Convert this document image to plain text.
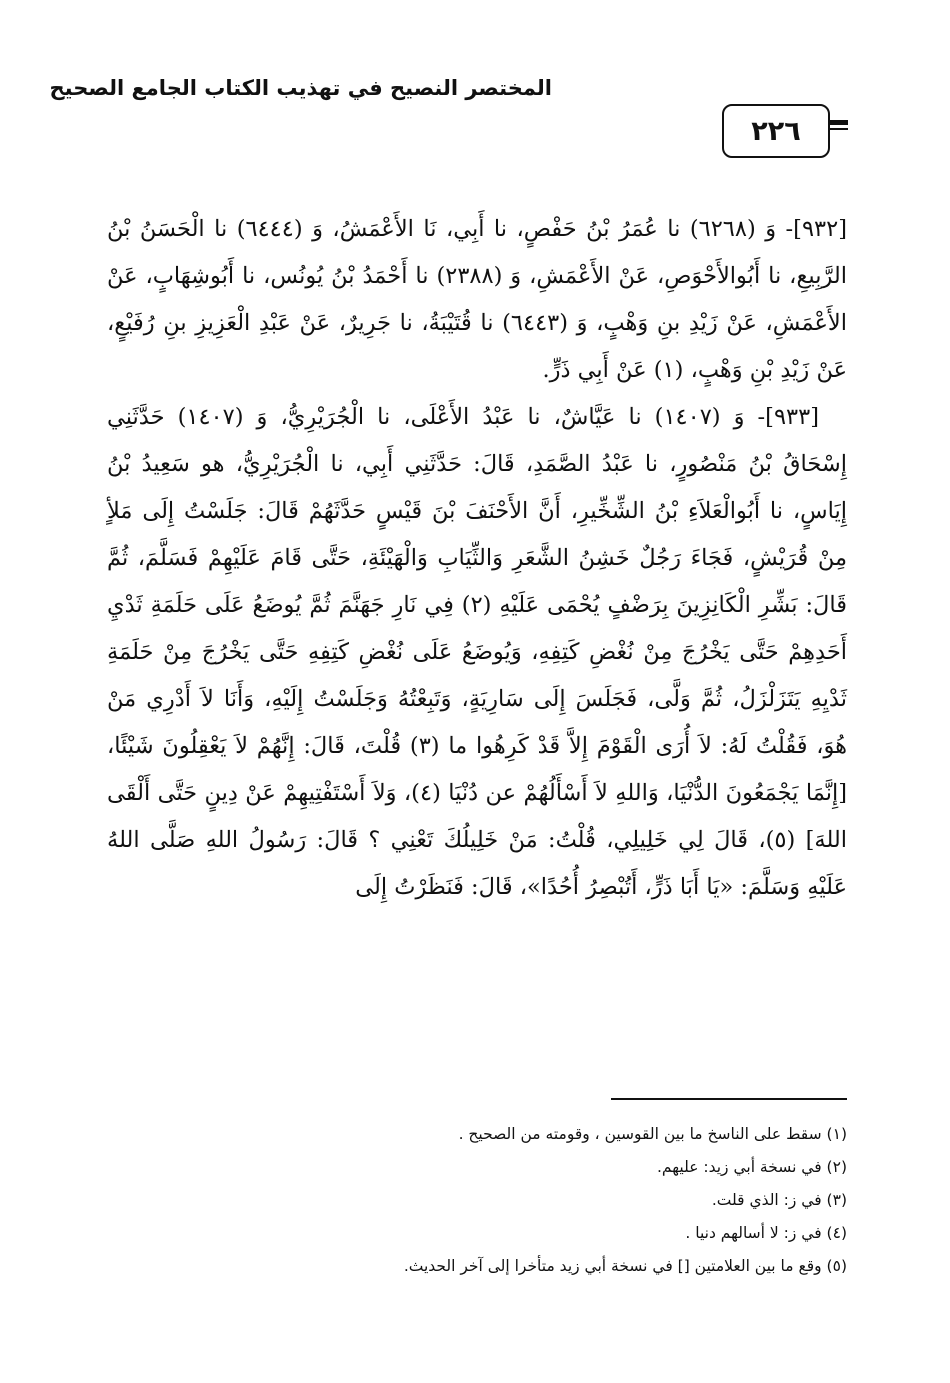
المختصر النصيح في تهذيب الكتاب الجامع الصحيح
٢٢٦

[٩٣٢]- وَ (٦٢٦٨) نا عُمَرُ بْنُ حَفْصٍ، نا أَبِي، نَا الأَعْمَشُ، وَ (٦٤٤٤) نا الْحَسَنُ بْنُ الرَّبِيعِ، نا أَبُوالأَحْوَصِ، عَنْ الأَعْمَشِ، وَ (٢٣٨٨) نا أَحْمَدُ بْنُ يُونُس، نا أَبُوشِهَابٍ، عَنْ الأَعْمَشِ، عَنْ زَيْدِ بنِ وَهْبٍ، وَ (٦٤٤٣) نا قُتَيْبَةُ، نا جَرِيرٌ، عَنْ عَبْدِ الْعَزِيزِ بنِ رُفَيْعٍ، عَنْ زَيْدِ بْنِ وَهْبٍ، (١) عَنْ أَبِي ذَرٍّ.

[٩٣٣]- وَ (١٤٠٧) نا عَيَّاشٌ، نا عَبْدُ الأَعْلَى، نا الْجُرَيْرِيُّ، وَ (١٤٠٧) حَدَّثَنِي إِسْحَاقُ بْنُ مَنْصُورٍ، نا عَبْدُ الصَّمَدِ، قَالَ: حَدَّثَنِي أَبِي، نا الْجُرَيْرِيُّ، هو سَعِيدُ بْنُ إِيَاسٍ، نا أَبُوالْعَلاَءِ بْنُ الشِّخِّيرِ، أَنَّ الأَحْنَفَ بْنَ قَيْسٍ حَدَّثَهُمْ قَالَ: جَلَسْتُ إِلَى مَلأٍ مِنْ قُرَيْشٍ، فَجَاءَ رَجُلٌ خَشِنُ الشَّعَرِ وَالثِّيَابِ وَالْهَيْئَةِ، حَتَّى قَامَ عَلَيْهِمْ فَسَلَّمَ، ثُمَّ قَالَ: بَشِّرِ الْكَانِزِينَ بِرَضْفٍ يُحْمَى عَلَيْهِ (٢) فِي نَارِ جَهَنَّمَ ثُمَّ يُوضَعُ عَلَى حَلَمَةِ ثَدْيِ أَحَدِهِمْ حَتَّى يَخْرُجَ مِنْ نُغْضِ كَتِفِهِ، وَيُوضَعُ عَلَى نُغْضِ كَتِفِهِ حَتَّى يَخْرُجَ مِنْ حَلَمَةِ ثَدْيِهِ يَتَزَلْزَلُ، ثُمَّ وَلَّى، فَجَلَسَ إِلَى سَارِيَةٍ، وَتَبِعْتُهُ وَجَلَسْتُ إِلَيْهِ، وَأَنَا لاَ أَدْرِي مَنْ هُوَ، فَقُلْتُ لَهُ: لاَ أُرَى الْقَوْمَ إِلاَّ قَدْ كَرِهُوا ما (٣) قُلْتَ، قَالَ: إِنَّهُمْ لاَ يَعْقِلُونَ شَيْئًا، [إِنَّمَا يَجْمَعُونَ الدُّنْيَا، وَاللهِ لاَ أَسْأَلُهُمْ عن دُنْيَا (٤)، وَلاَ أَسْتَفْتِيهِمْ عَنْ دِينٍ حَتَّى أَلْقَى اللهَ] (٥)، قَالَ لِي خَلِيلِي، قُلْتُ: مَنْ خَلِيلُكَ تَعْنِي ؟ قَالَ: رَسُولُ اللهِ صَلَّى اللهُ عَلَيْهِ وَسَلَّمَ: «يَا أَبَا ذَرٍّ، أَتُبْصِرُ أُحُدًا»، قَالَ: فَنَظَرْتُ إِلَى

(١) سقط على الناسخ ما بين القوسين ، وقومته من الصحيح .
(٢) في نسخة أبي زيد: عليهم.
(٣) في ز: الذي قلت.
(٤) في ز: لا أسالهم دنيا .
(٥) وقع ما بين العلامتين [] في نسخة أبي زيد متأخرا إلى آخر الحديث.
